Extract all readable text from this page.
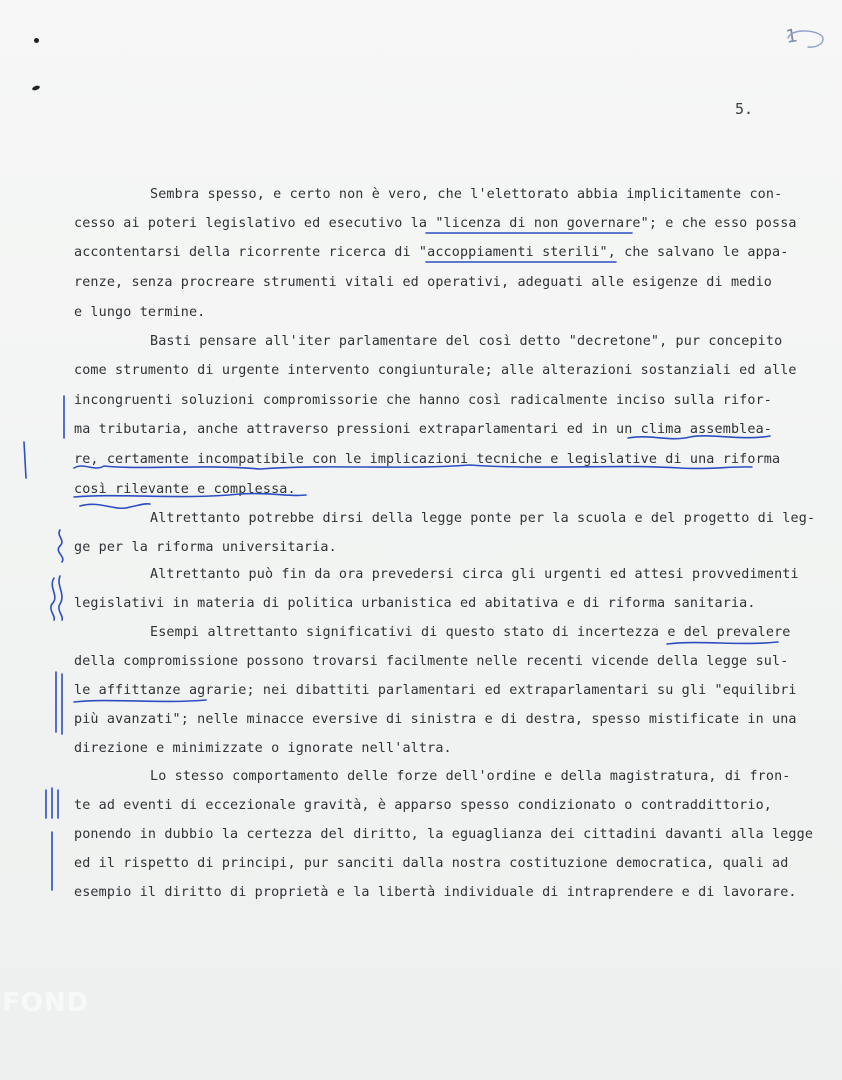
1
5.
Sembra spesso, e certo non è vero, che l'elettorato abbia implicitamente con-
cesso ai poteri legislativo ed esecutivo la "licenza di non governare"; e che esso possa
accontentarsi della ricorrente ricerca di "accoppiamenti sterili", che salvano le appa-
renze, senza procreare strumenti vitali ed operativi, adeguati alle esigenze di medio
e lungo termine.
Basti pensare all'iter parlamentare del così detto "decretone", pur concepito
come strumento di urgente intervento congiunturale; alle alterazioni sostanziali ed alle
incongruenti soluzioni compromissorie che hanno così radicalmente inciso sulla rifor-
ma tributaria, anche attraverso pressioni extraparlamentari ed in un clima assemblea-
re, certamente incompatibile con le implicazioni tecniche e legislative di una riforma
così rilevante e complessa.
Altrettanto potrebbe dirsi della legge ponte per la scuola e del progetto di leg-
ge per la riforma universitaria.
Altrettanto può fin da ora prevedersi circa gli urgenti ed attesi provvedimenti
legislativi in materia di politica urbanistica ed abitativa e di riforma sanitaria.
Esempi altrettanto significativi di questo stato di incertezza e del prevalere
della compromissione possono trovarsi facilmente nelle recenti vicende della legge sul-
le affittanze agrarie; nei dibattiti parlamentari ed extraparlamentari su gli "equilibri
più avanzati"; nelle minacce eversive di sinistra e di destra, spesso mistificate in una
direzione e minimizzate o ignorate nell'altra.
Lo stesso comportamento delle forze dell'ordine e della magistratura, di fron-
te ad eventi di eccezionale gravità, è apparso spesso condizionato o contraddittorio,
ponendo in dubbio la certezza del diritto, la eguaglianza dei cittadini davanti alla legge
ed il rispetto di principi, pur sanciti dalla nostra costituzione democratica, quali ad
esempio il diritto di proprietà e la libertà individuale di intraprendere e di lavorare.
FOND
